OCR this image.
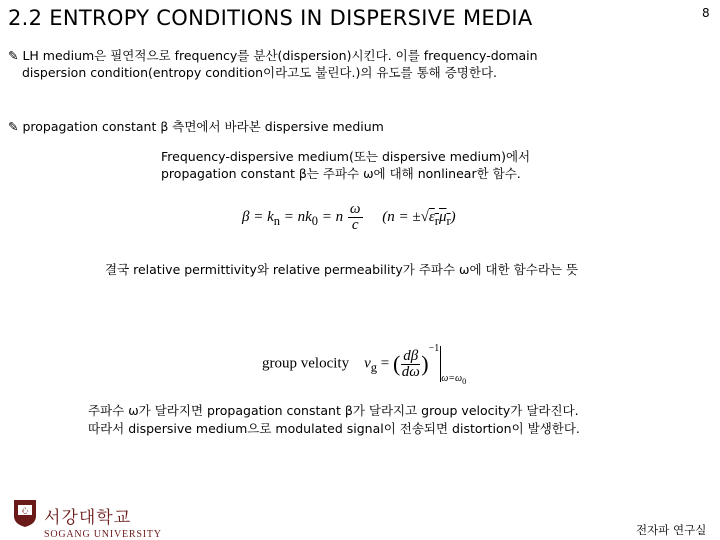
2.2 ENTROPY CONDITIONS IN DISPERSIVE MEDIA	8
✎ LH medium은 필연적으로 frequency를 분산(dispersion)시킨다. 이를 frequency-domain
dispersion condition(entropy condition이라고도 불린다.)의 유도를 통해 증명한다.
✎ propagation constant β 측면에서 바라본 dispersive medium
Frequency-dispersive medium(또는 dispersive medium)에서
propagation constant β는 주파수 ω에 대해 nonlinear한 함수.
$\beta = k_n = nk_0 = n \frac{\omega}{c} (n = \pm√\varepsilon_r\mu_r)$
결국 relative permittivity와 relative permeability가 주파수 ω에 대한 함수라는 뜻
group velocity $v_g$ = ( $\frac{d\beta}{d\omega} )^{-1}_{\omega=\omega_0}$
주파수 ω가 달라지면 propagation constant β가 달라지고 group velocity가 달라진다.
따라서 dispersive medium으로 modulated signal이 전송되면 distortion이 발생한다.
心 서강대학교
SOGANG UNIVERSITY	전자파 연구실
